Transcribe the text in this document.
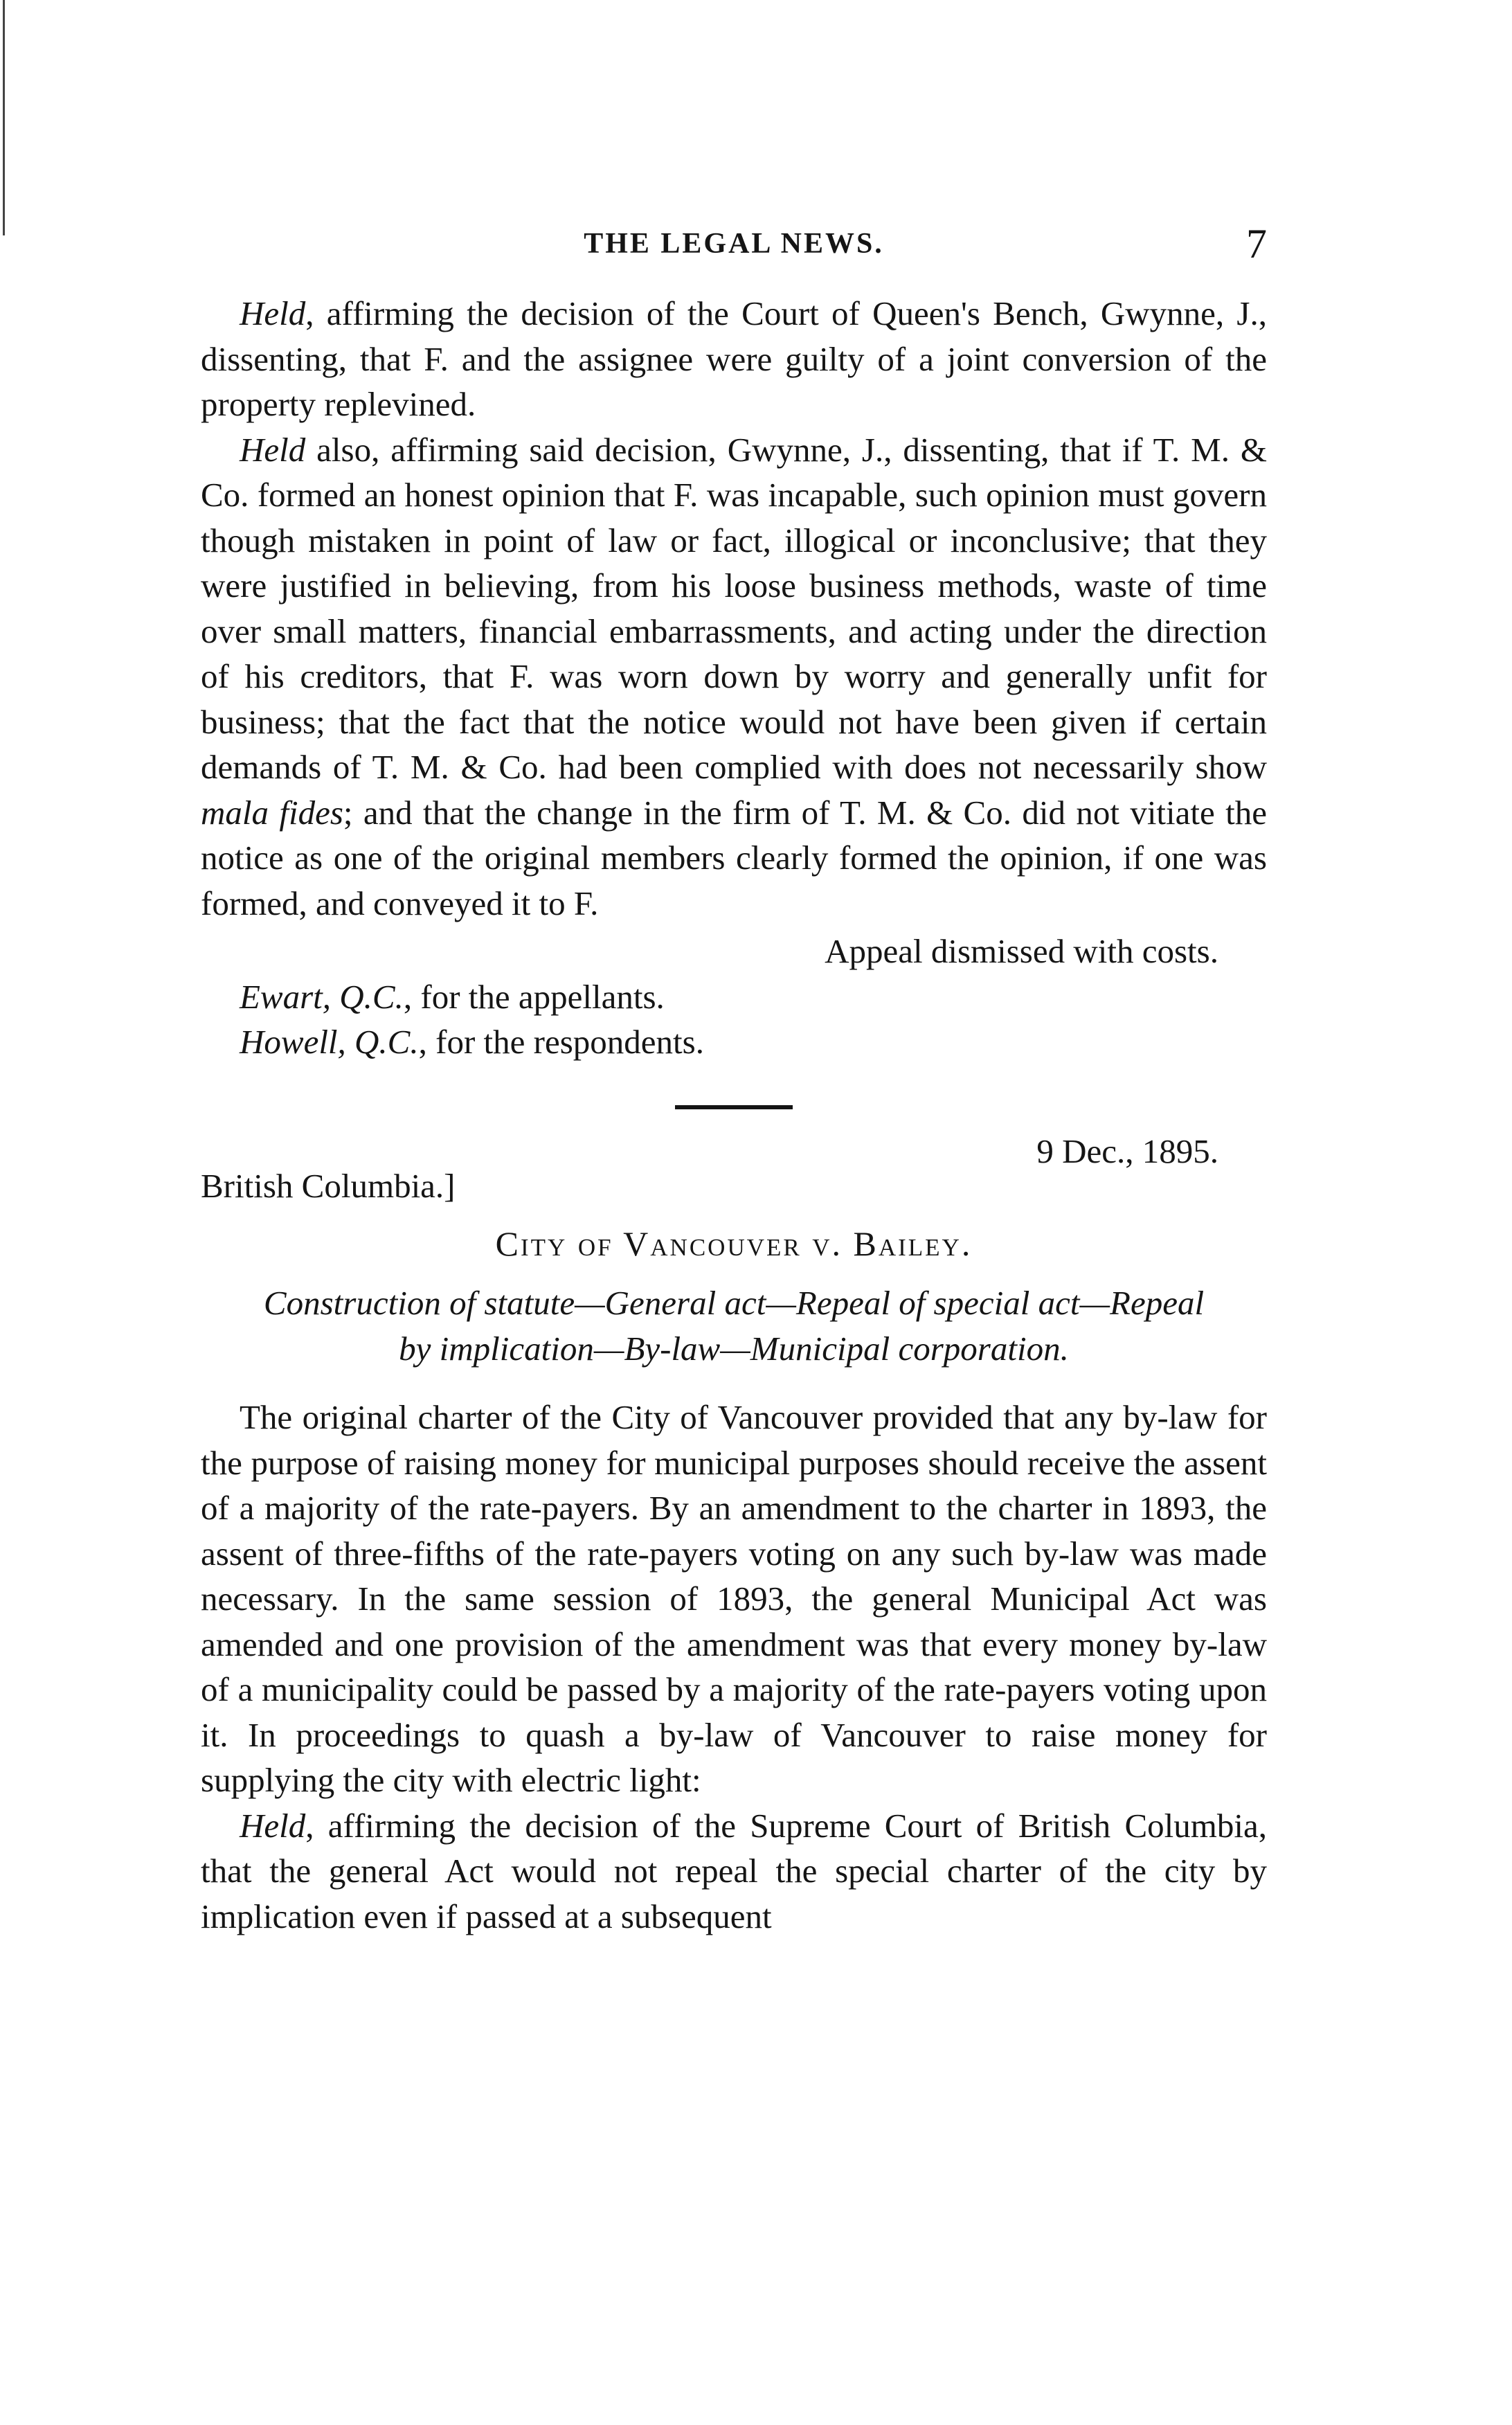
THE LEGAL NEWS.	7

Held, affirming the decision of the Court of Queen's Bench, Gwynne, J., dissenting, that F. and the assignee were guilty of a joint conversion of the property replevined.

Held also, affirming said decision, Gwynne, J., dissenting, that if T. M. & Co. formed an honest opinion that F. was incapable, such opinion must govern though mistaken in point of law or fact, illogical or inconclusive; that they were justified in believing, from his loose business methods, waste of time over small matters, financial embarrassments, and acting under the direction of his creditors, that F. was worn down by worry and generally unfit for business; that the fact that the notice would not have been given if certain demands of T. M. & Co. had been complied with does not necessarily show mala fides; and that the change in the firm of T. M. & Co. did not vitiate the notice as one of the original members clearly formed the opinion, if one was formed, and conveyed it to F.

Appeal dismissed with costs.

Ewart, Q.C., for the appellants.

Howell, Q.C., for the respondents.

British Columbia.]
9 Dec., 1895.

City of Vancouver v. Bailey.

Construction of statute—General act—Repeal of special act—Repeal
by implication—By-law—Municipal corporation.

The original charter of the City of Vancouver provided that any by-law for the purpose of raising money for municipal purposes should receive the assent of a majority of the rate-payers. By an amendment to the charter in 1893, the assent of three-fifths of the rate-payers voting on any such by-law was made necessary. In the same session of 1893, the general Municipal Act was amended and one provision of the amendment was that every money by-law of a municipality could be passed by a majority of the rate-payers voting upon it. In proceedings to quash a by-law of Vancouver to raise money for supplying the city with electric light:

Held, affirming the decision of the Supreme Court of British Columbia, that the general Act would not repeal the special charter of the city by implication even if passed at a subsequent
